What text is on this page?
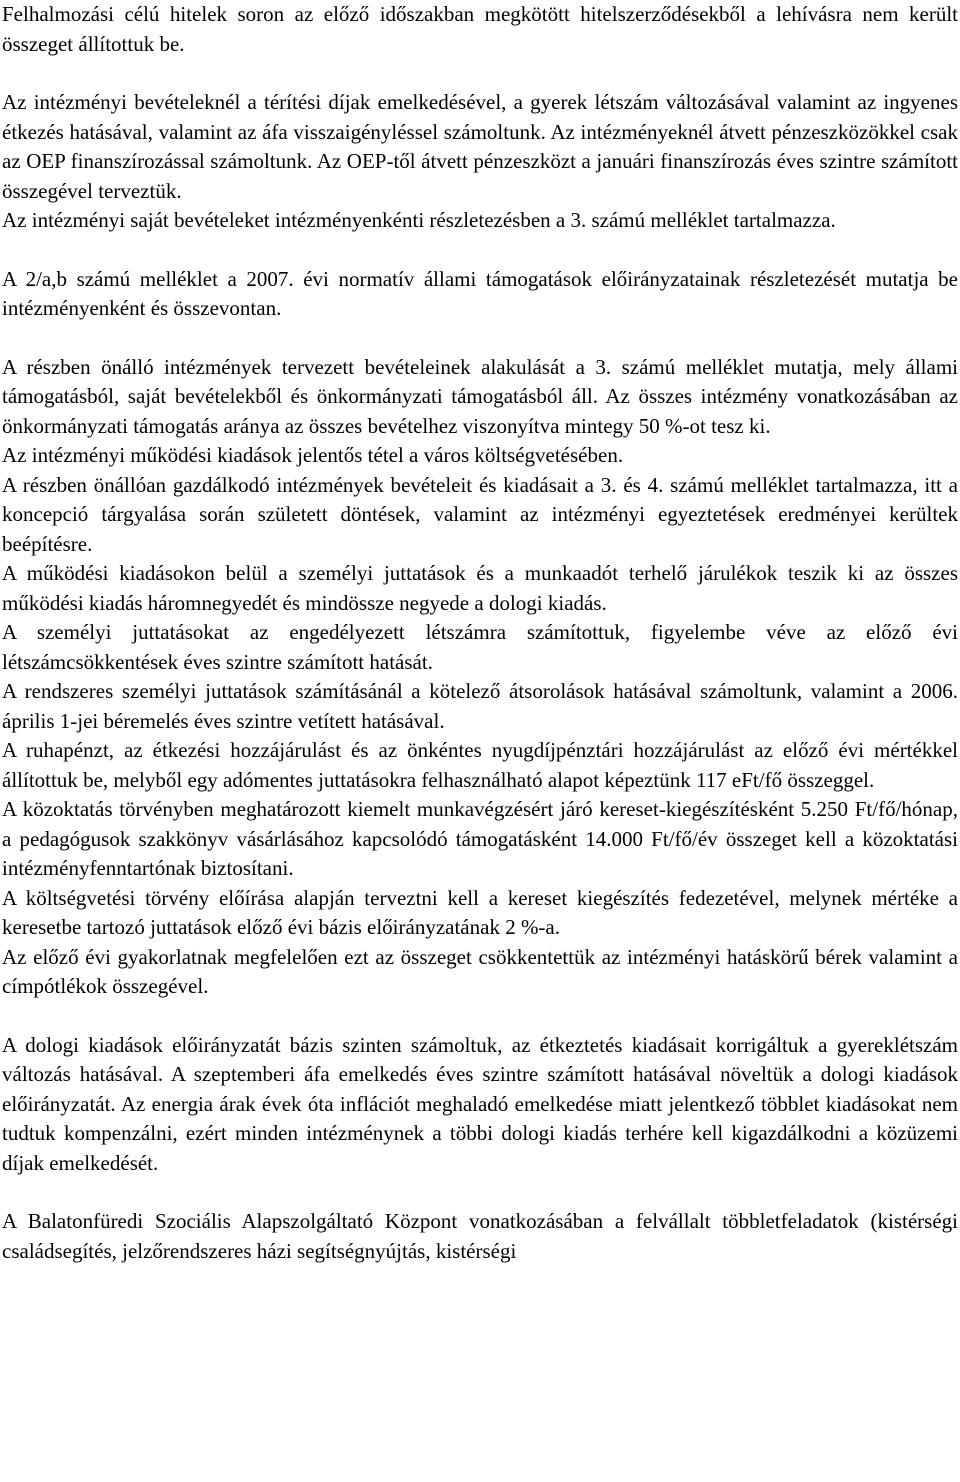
Felhalmozási célú hitelek soron az előző időszakban megkötött hitelszerződésekből a lehívásra nem került összeget állítottuk be.

Az intézményi bevételeknél a térítési díjak emelkedésével, a gyerek létszám változásával valamint az ingyenes étkezés hatásával, valamint az áfa visszaigényléssel számoltunk. Az intézményeknél átvett pénzeszközökkel csak az OEP finanszírozással számoltunk. Az OEP-től átvett pénzeszközt a januári finanszírozás éves szintre számított összegével terveztük.

Az intézményi saját bevételeket intézményenkénti részletezésben a 3. számú melléklet tartalmazza.

A 2/a,b számú melléklet a 2007. évi normatív állami támogatások előirányzatainak részletezését mutatja be intézményenként és összevontan.

A részben önálló intézmények tervezett bevételeinek alakulását a 3. számú melléklet mutatja, mely állami támogatásból, saját bevételekből és önkormányzati támogatásból áll. Az összes intézmény vonatkozásában az önkormányzati támogatás aránya az összes bevételhez viszonyítva mintegy 50 %-ot tesz ki.

Az intézményi működési kiadások jelentős tétel a város költségvetésében.

A részben önállóan gazdálkodó intézmények bevételeit és kiadásait a 3. és 4. számú melléklet tartalmazza, itt a koncepció tárgyalása során született döntések, valamint az intézményi egyeztetések eredményei kerültek beépítésre.

A működési kiadásokon belül a személyi juttatások és a munkaadót terhelő járulékok teszik ki az összes működési kiadás háromnegyedét és mindössze negyede a dologi kiadás.

A személyi juttatásokat az engedélyezett létszámra számítottuk, figyelembe véve az előző évi létszámcsökkentések éves szintre számított hatását.

A rendszeres személyi juttatások számításánál a kötelező átsorolások hatásával számoltunk, valamint a 2006. április 1-jei béremelés éves szintre vetített hatásával.

A ruhapénzt, az étkezési hozzájárulást és az önkéntes nyugdíjpénztári hozzájárulást az előző évi mértékkel állítottuk be, melyből egy adómentes juttatásokra felhasználható alapot képeztünk 117 eFt/fő összeggel.

A közoktatás törvényben meghatározott kiemelt munkavégzésért járó kereset-kiegészítésként 5.250 Ft/fő/hónap, a pedagógusok szakkönyv vásárlásához kapcsolódó támogatásként 14.000 Ft/fő/év összeget kell a közoktatási intézményfenntartónak biztosítani.

A költségvetési törvény előírása alapján terveztni kell a kereset kiegészítés fedezetével, melynek mértéke a keresetbe tartozó juttatások előző évi bázis előirányzatának 2 %-a.

Az előző évi gyakorlatnak megfelelően ezt az összeget csökkentettük az intézményi hatáskörű bérek valamint a címpótlékok összegével.

A dologi kiadások előirányzatát bázis szinten számoltuk, az étkeztetés kiadásait korrigáltuk a gyereklétszám változás hatásával. A szeptemberi áfa emelkedés éves szintre számított hatásával növeltük a dologi kiadások előirányzatát. Az energia árak évek óta inflációt meghaladó emelkedése miatt jelentkező többlet kiadásokat nem tudtuk kompenzálni, ezért minden intézménynek a többi dologi kiadás terhére kell kigazdálkodni a közüzemi díjak emelkedését.

A Balatonfüredi Szociális Alapszolgáltató Központ vonatkozásában a felvállalt többletfeladatok (kistérségi családsegítés, jelzőrendszeres házi segítségnyújtás, kistérségi
